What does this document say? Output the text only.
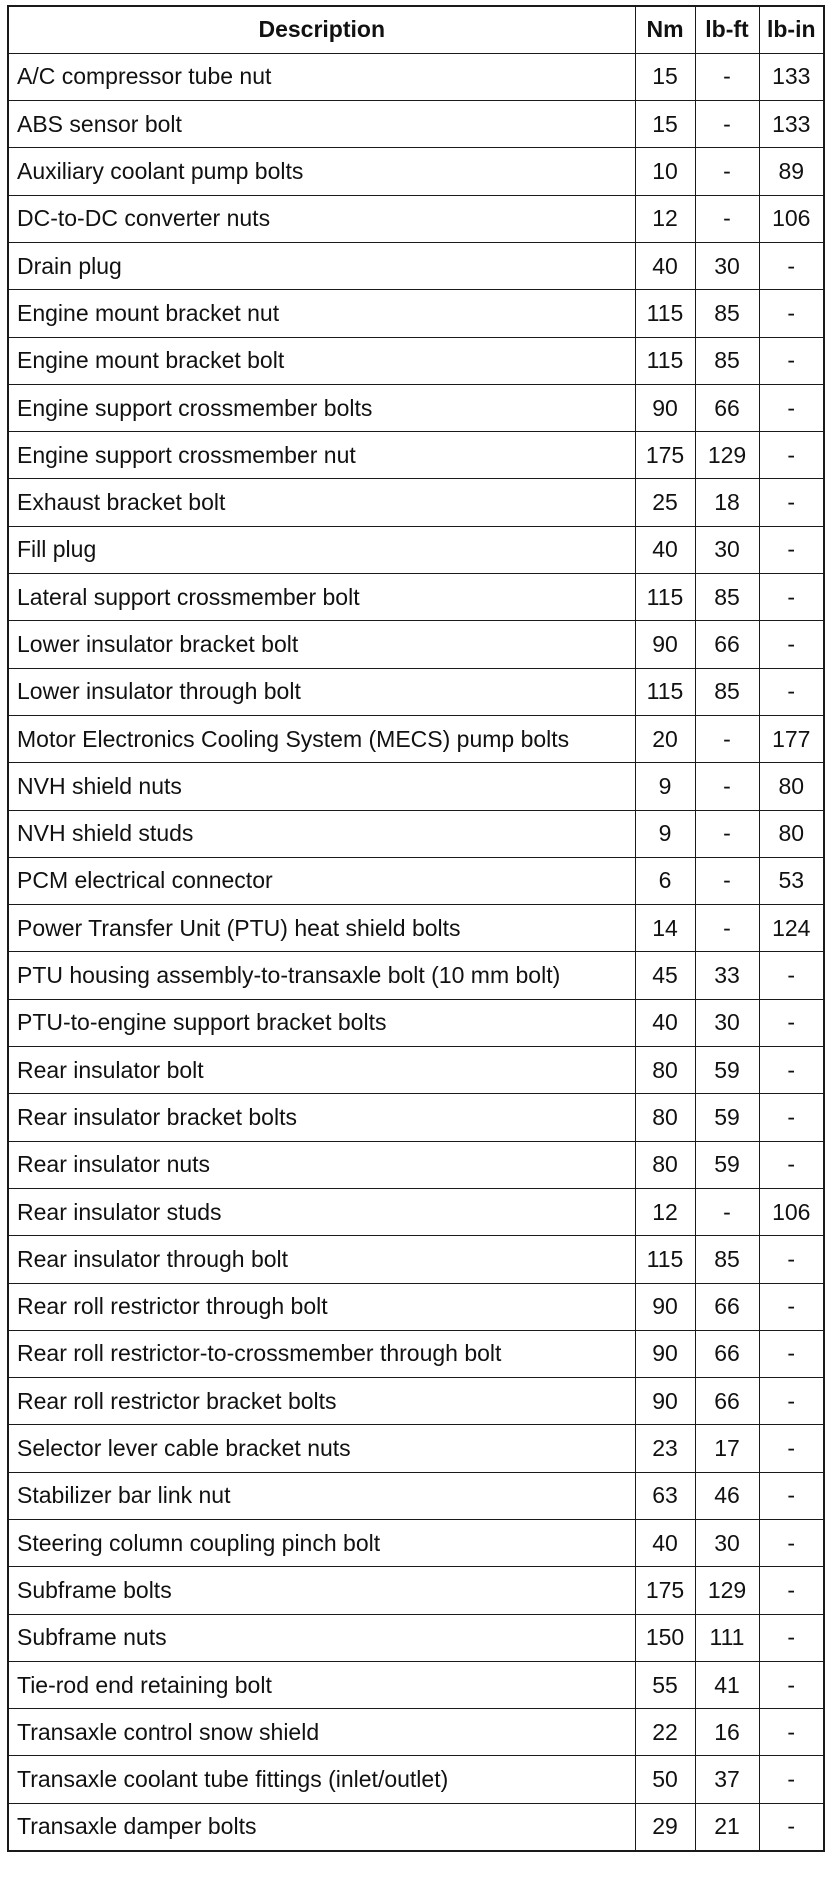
Description	Nm	lb-ft	lb-in
A/C compressor tube nut	15	-	133
ABS sensor bolt	15	-	133
Auxiliary coolant pump bolts	10	-	89
DC-to-DC converter nuts	12	-	106
Drain plug	40	30	-
Engine mount bracket nut	115	85	-
Engine mount bracket bolt	115	85	-
Engine support crossmember bolts	90	66	-
Engine support crossmember nut	175	129	-
Exhaust bracket bolt	25	18	-
Fill plug	40	30	-
Lateral support crossmember bolt	115	85	-
Lower insulator bracket bolt	90	66	-
Lower insulator through bolt	115	85	-
Motor Electronics Cooling System (MECS) pump bolts	20	-	177
NVH shield nuts	9	-	80
NVH shield studs	9	-	80
PCM electrical connector	6	-	53
Power Transfer Unit (PTU) heat shield bolts	14	-	124
PTU housing assembly-to-transaxle bolt (10 mm bolt)	45	33	-
PTU-to-engine support bracket bolts	40	30	-
Rear insulator bolt	80	59	-
Rear insulator bracket bolts	80	59	-
Rear insulator nuts	80	59	-
Rear insulator studs	12	-	106
Rear insulator through bolt	115	85	-
Rear roll restrictor through bolt	90	66	-
Rear roll restrictor-to-crossmember through bolt	90	66	-
Rear roll restrictor bracket bolts	90	66	-
Selector lever cable bracket nuts	23	17	-
Stabilizer bar link nut	63	46	-
Steering column coupling pinch bolt	40	30	-
Subframe bolts	175	129	-
Subframe nuts	150	111	-
Tie-rod end retaining bolt	55	41	-
Transaxle control snow shield	22	16	-
Transaxle coolant tube fittings (inlet/outlet)	50	37	-
Transaxle damper bolts	29	21	-
